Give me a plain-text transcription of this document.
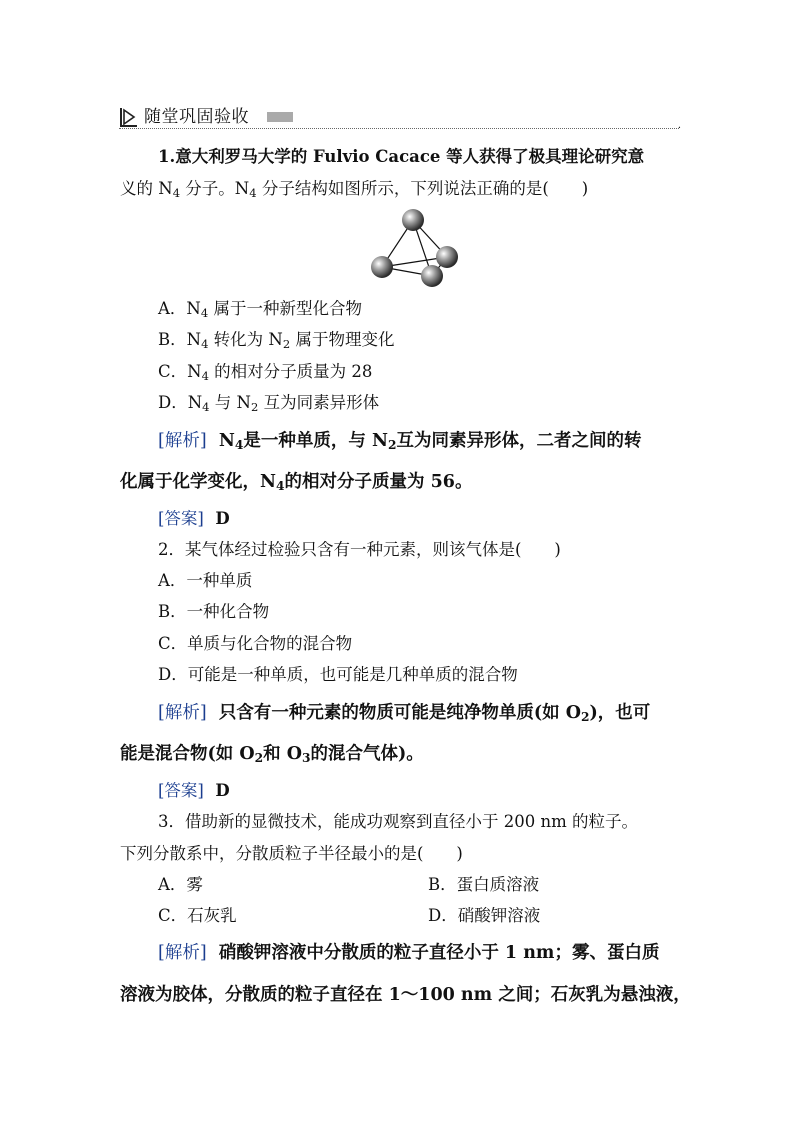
随堂巩固验收
·
1.意大利罗马大学的 Fulvio Cacace 等人获得了极具理论研究意
义的 $N_4$ 分子。$N_4$ 分子结构如图所示，下列说法正确的是(　　)
A．$N_4$ 属于一种新型化合物
B．$N_4$ 转化为 $N_2$ 属于物理变化
C．$N_4$ 的相对分子质量为 28
D．$N_4$ 与 $N_2$ 互为同素异形体
[解析] $N_4$是一种单质，与 $N_2$互为同素异形体，二者之间的转
化属于化学变化，$N_4$的相对分子质量为 56。
[答案] D
2．某气体经过检验只含有一种元素，则该气体是(　　)
A．一种单质
B．一种化合物
C．单质与化合物的混合物
D．可能是一种单质，也可能是几种单质的混合物
[解析] 只含有一种元素的物质可能是纯净物单质(如 $O_2$)，也可
能是混合物(如 $O_2$和 $O_3$的混合气体)。
[答案] D
3．借助新的显微技术，能成功观察到直径小于 200 nm 的粒子。
下列分散系中，分散质粒子半径最小的是(　　)
A．雾	B．蛋白质溶液
C．石灰乳	D．硝酸钾溶液
[解析] 硝酸钾溶液中分散质的粒子直径小于 1 nm；雾、蛋白质
溶液为胶体，分散质的粒子直径在 1～100 nm 之间；石灰乳为悬浊液，
